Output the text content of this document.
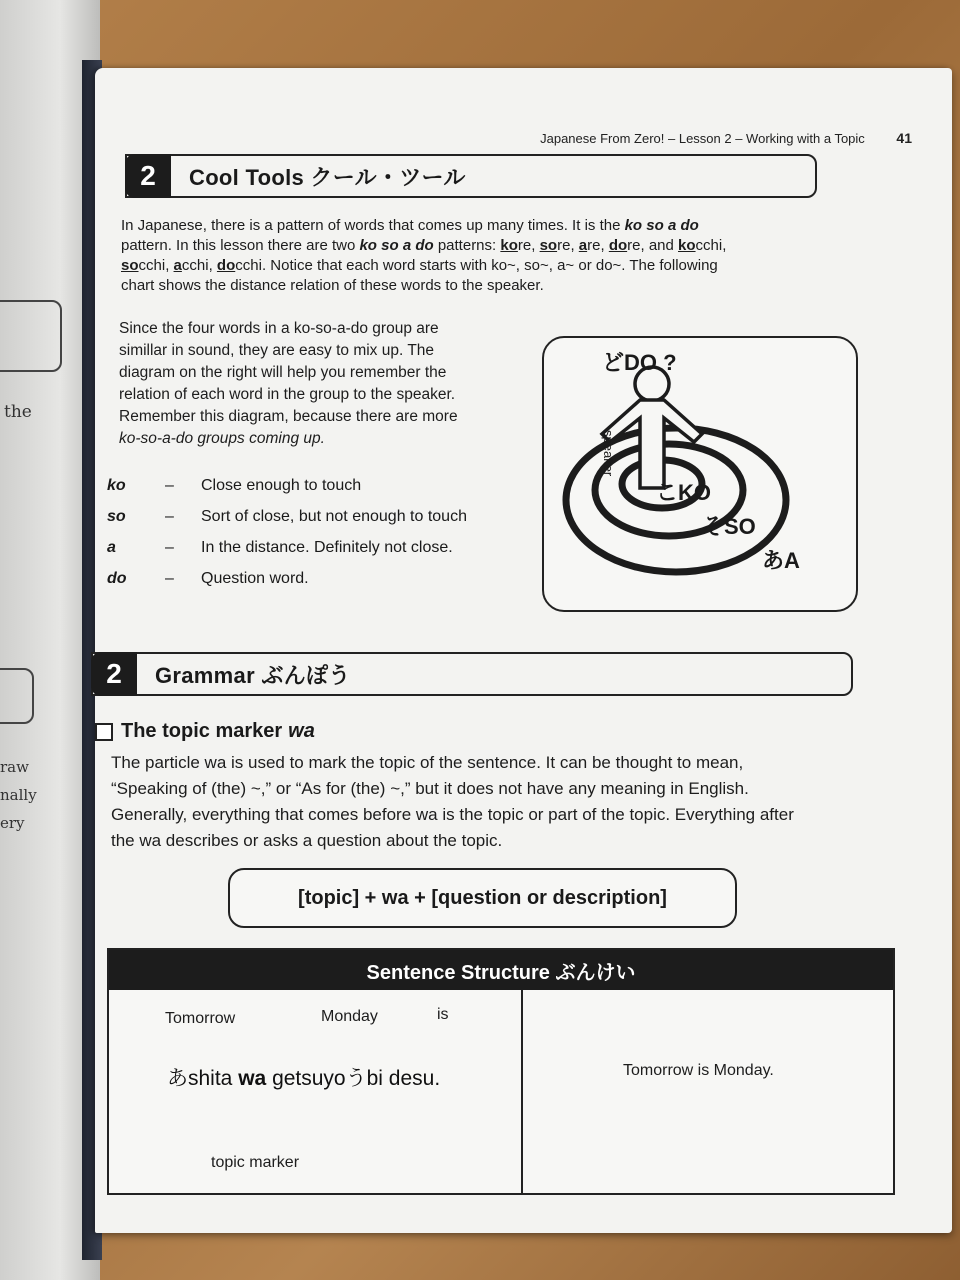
the
raw
nally
ery
Japanese From Zero! – Lesson 2 – Working with a Topic 41
2	Cool Tools クール・ツール
In Japanese, there is a pattern of words that comes up many times. It is the ko so a do
pattern. In this lesson there are two ko so a do patterns: kore, sore, are, dore, and kocchi,
socchi, acchi, docchi. Notice that each word starts with ko~, so~, a~ or do~. The following
chart shows the distance relation of these words to the speaker.
Since the four words in a ko-so-a-do group are
simillar in sound, they are easy to mix up. The
diagram on the right will help you remember the
relation of each word in the group to the speaker.
Remember this diagram, because there are more
ko-so-a-do groups coming up.
ko	–	Close enough to touch
so	–	Sort of close, but not enough to touch
a	–	In the distance. Definitely not close.
do	–	Question word.
どDO ?
speaker
こKO
そSO
あA
2	Grammar ぶんぽう
The topic marker wa
The particle wa is used to mark the topic of the sentence. It can be thought to mean,
“Speaking of (the) ~,” or “As for (the) ~,” but it does not have any meaning in English.
Generally, everything that comes before wa is the topic or part of the topic. Everything after
the wa describes or asks a question about the topic.
[topic] + wa + [question or description]
Sentence Structure ぶんけい
Tomorrow	Monday	is
あshita wa getsuyoうbi desu.
topic marker
Tomorrow is Monday.
